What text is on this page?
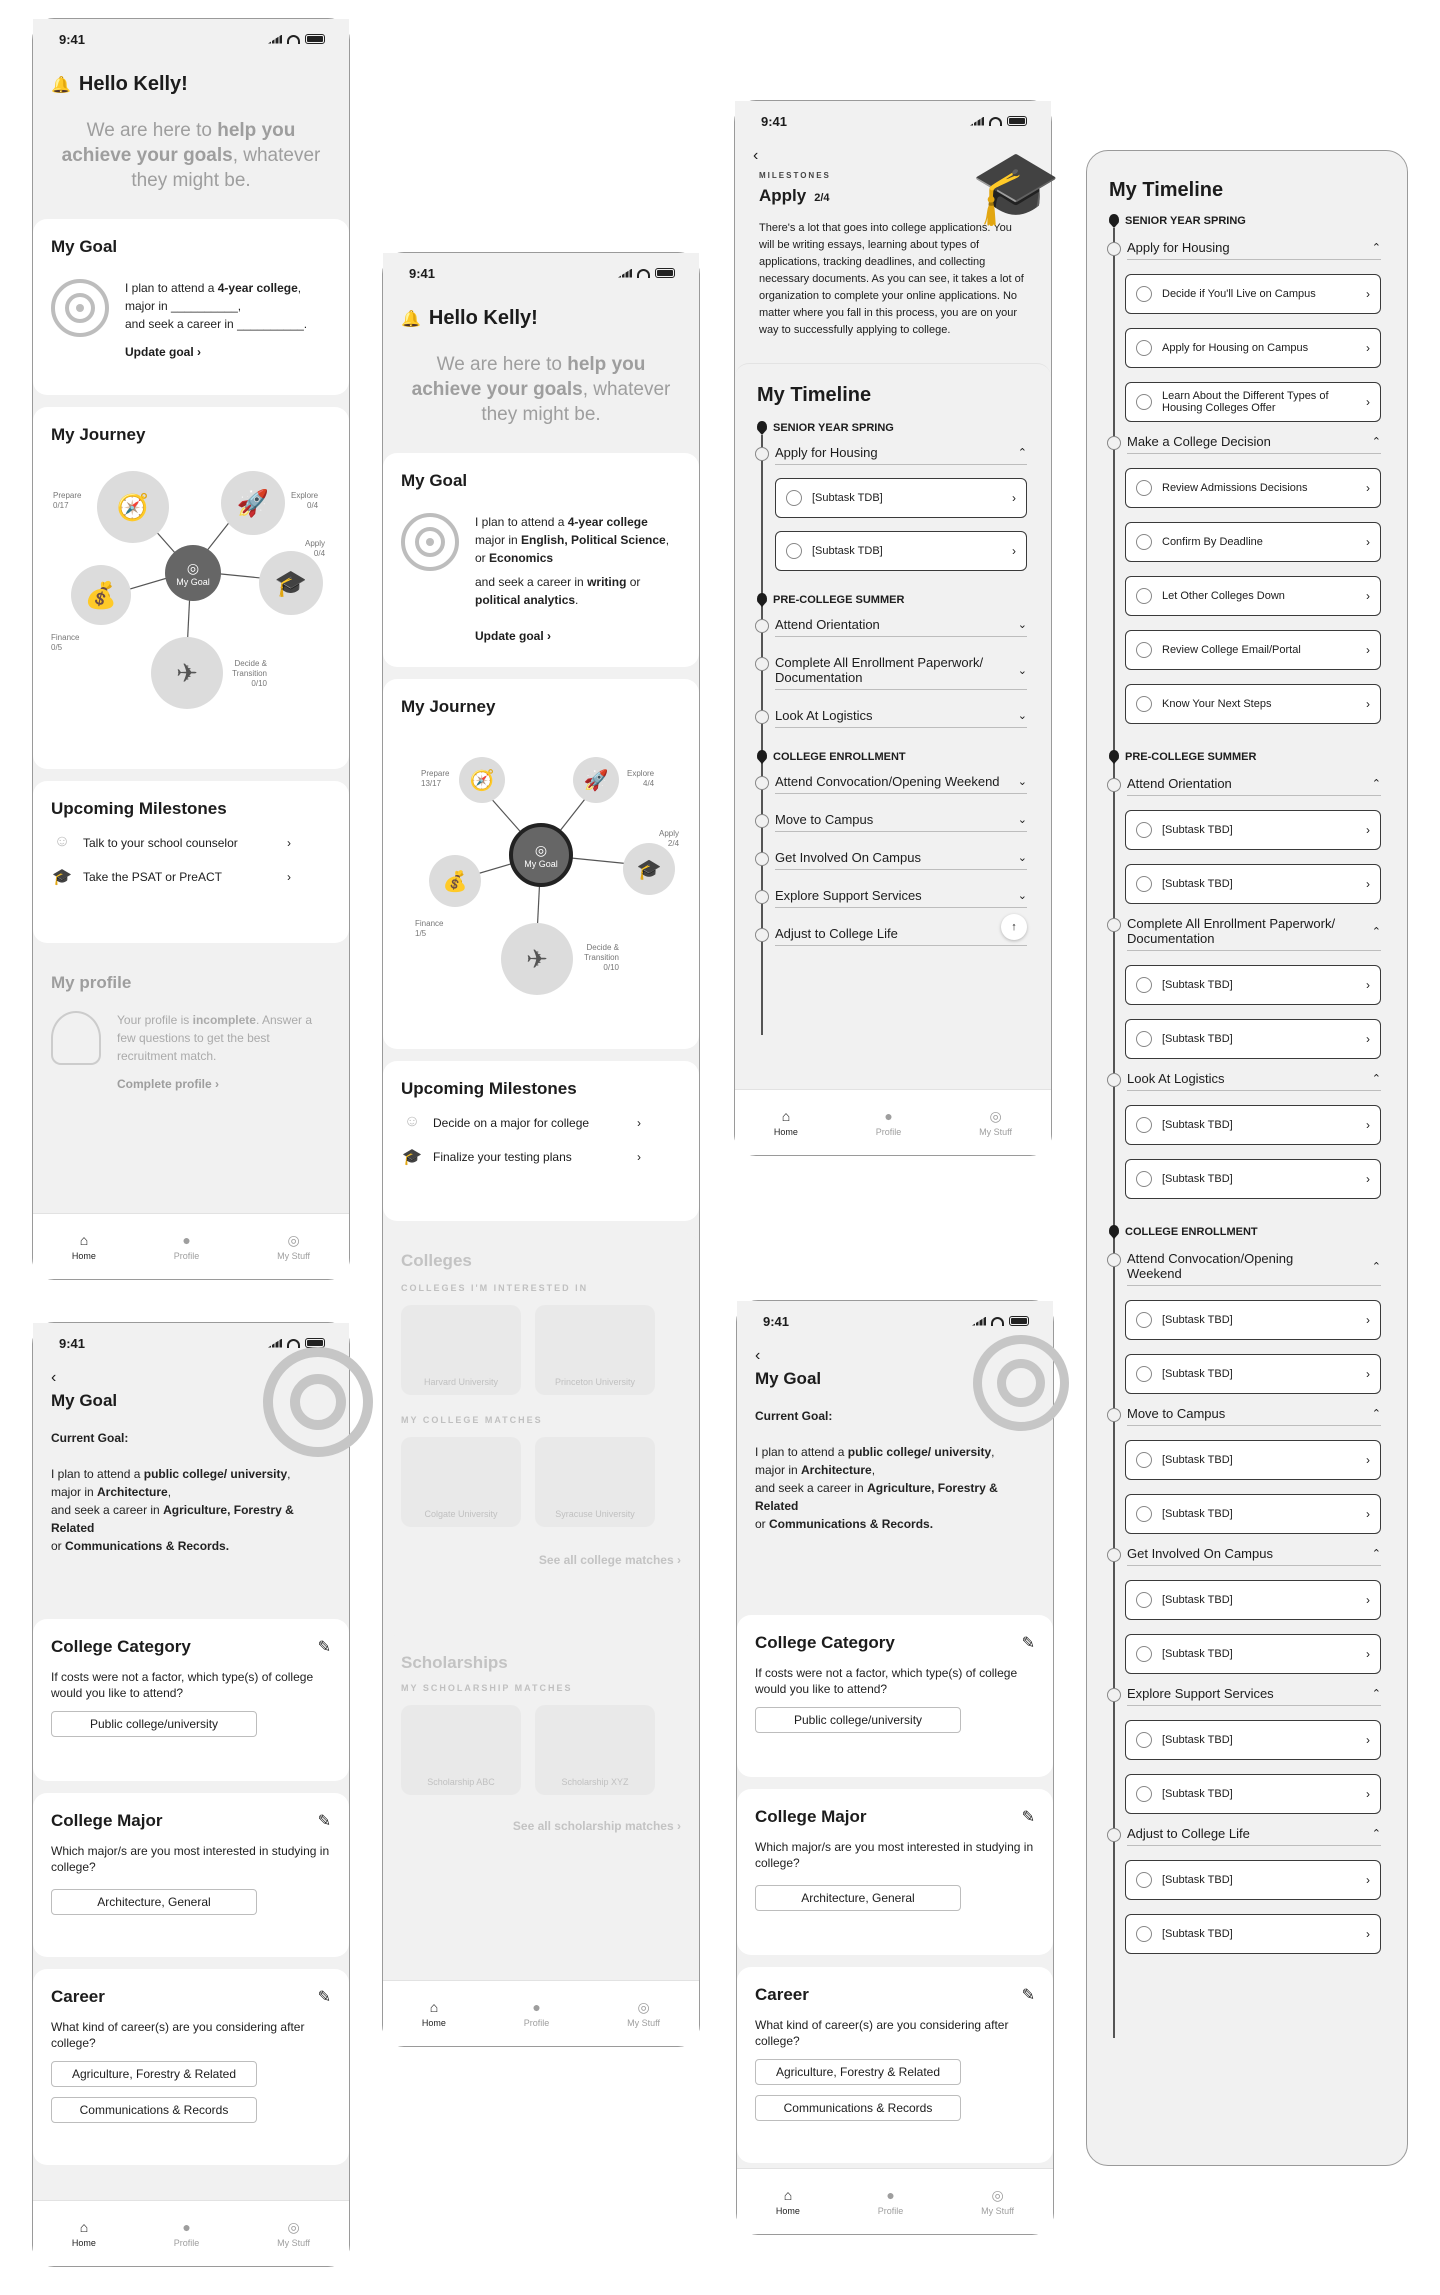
9:41
🔔 Hello Kelly!
We are here to help you achieve your goals, whatever they might be.
My Goal
I plan to attend a 4-year college,
major in __________,
and seek a career in __________.
Update goal ›
My Journey
🧭	🚀
🎓
💰
✈
◎
My Goal
Prepare
0/17
Explore
0/4
Apply
0/4
Finance
0/5
Decide & Transition
0/10
Upcoming Milestones
☺ Talk to your school counselor	›
🎓 Take the PSAT or PreACT	›
My profile
Your profile is incomplete. Answer a few questions to get the best recruitment match.
Complete profile ›
⌂
Home
●
Profile
◎
My Stuff
9:41
🔔 Hello Kelly!
We are here to help you achieve your goals, whatever they might be.
My Goal
I plan to attend a 4-year college major in English, Political Science, or Economics
and seek a career in writing or political analytics.
Update goal ›
My Journey
🧭	🚀
🎓
💰
✈
◎
My Goal
Prepare
13/17
Explore
4/4
Apply
2/4
Finance
1/5
Decide & Transition
0/10
Upcoming Milestones
☺ Decide on a major for college	›
🎓 Finalize your testing plans	›
Colleges
COLLEGES I'M INTERESTED IN
Harvard University	Princeton University
MY COLLEGE MATCHES
Colgate University	Syracuse University
See all college matches ›
Scholarships
MY SCHOLARSHIP MATCHES
Scholarship ABC	Scholarship XYZ
See all scholarship matches ›
⌂
Home
●
Profile
◎
My Stuff
9:41
‹
My Goal
Current Goal:
I plan to attend a public college/ university,
major in Architecture,
and seek a career in Agriculture, Forestry & Related
or Communications & Records.
College Category	✎
If costs were not a factor, which type(s) of college would you like to attend?
Public college/university
College Major	✎
Which major/s are you most interested in studying in college?
Architecture, General
Career	✎
What kind of career(s) are you considering after college?
Agriculture, Forestry & Related Communications & Records
⌂
Home
●
Profile
◎
My Stuff
9:41
‹	🎓
MILESTONES
Apply 2/4
There's a lot that goes into college applications. You will be writing essays, learning about types of applications, tracking deadlines, and collecting necessary documents. As you can see, it takes a lot of organization to complete your online applications. No matter where you fall in this process, you are on your way to successfully applying to college.
My Timeline
SENIOR YEAR SPRING
Apply for Housing	⌃
[Subtask TDB]	›
[Subtask TDB]	›
PRE-COLLEGE SUMMER
Attend Orientation	⌄
Complete All Enrollment Paperwork/ Documentation	⌄
Look At Logistics	⌄
COLLEGE ENROLLMENT
Attend Convocation/Opening Weekend ⌄
Move to Campus	⌄
Get Involved On Campus	⌄
Explore Support Services	⌄
Adjust to College Life	↑
⌂
Home
●
Profile
◎
My Stuff
9:41
‹
My Goal
Current Goal:
I plan to attend a public college/ university,
major in Architecture,
and seek a career in Agriculture, Forestry & Related
or Communications & Records.
College Category	✎
If costs were not a factor, which type(s) of college would you like to attend?
Public college/university
College Major	✎
Which major/s are you most interested in studying in college?
Architecture, General
Career	✎
What kind of career(s) are you considering after college?
Agriculture, Forestry & Related Communications & Records
⌂
Home
●
Profile
◎
My Stuff
My Timeline
SENIOR YEAR SPRING
Apply for Housing	⌃
Decide if You'll Live on Campus	›
Apply for Housing on Campus	›
Learn About the Different Types of Housing Colleges Offer	›
Make a College Decision	⌃
Review Admissions Decisions	›
Confirm By Deadline	›
Let Other Colleges Down	›
Review College Email/Portal	›
Know Your Next Steps	›
PRE-COLLEGE SUMMER
Attend Orientation	⌃
[Subtask TBD]	›
[Subtask TBD]	›
Complete All Enrollment Paperwork/ Documentation	⌃
[Subtask TBD]	›
[Subtask TBD]	›
Look At Logistics	⌃
[Subtask TBD]	›
[Subtask TBD]	›
COLLEGE ENROLLMENT
Attend Convocation/Opening Weekend	⌃
[Subtask TBD]	›
[Subtask TBD]	›
Move to Campus	⌃
[Subtask TBD]	›
[Subtask TBD]	›
Get Involved On Campus	⌃
[Subtask TBD]	›
[Subtask TBD]	›
Explore Support Services	⌃
[Subtask TBD]	›
[Subtask TBD]	›
Adjust to College Life	⌃
[Subtask TBD]	›
[Subtask TBD]	›
